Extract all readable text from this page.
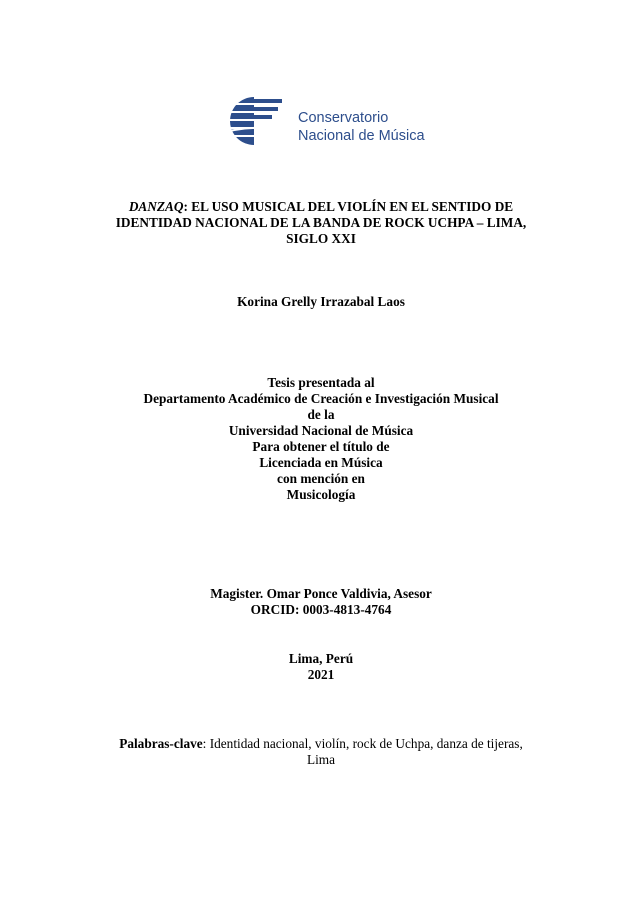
Conservatorio
Nacional de Música
DANZAQ: EL USO MUSICAL DEL VIOLÍN EN EL SENTIDO DE
IDENTIDAD NACIONAL DE LA BANDA DE ROCK UCHPA – LIMA,
SIGLO XXI
Korina Grelly Irrazabal Laos
Tesis presentada al
Departamento Académico de Creación e Investigación Musical
de la
Universidad Nacional de Música
Para obtener el título de
Licenciada en Música
con mención en
Musicología
Magister. Omar Ponce Valdivia, Asesor
ORCID: 0003-4813-4764
Lima, Perú
2021
Palabras-clave: Identidad nacional, violín, rock de Uchpa, danza de tijeras,
Lima
